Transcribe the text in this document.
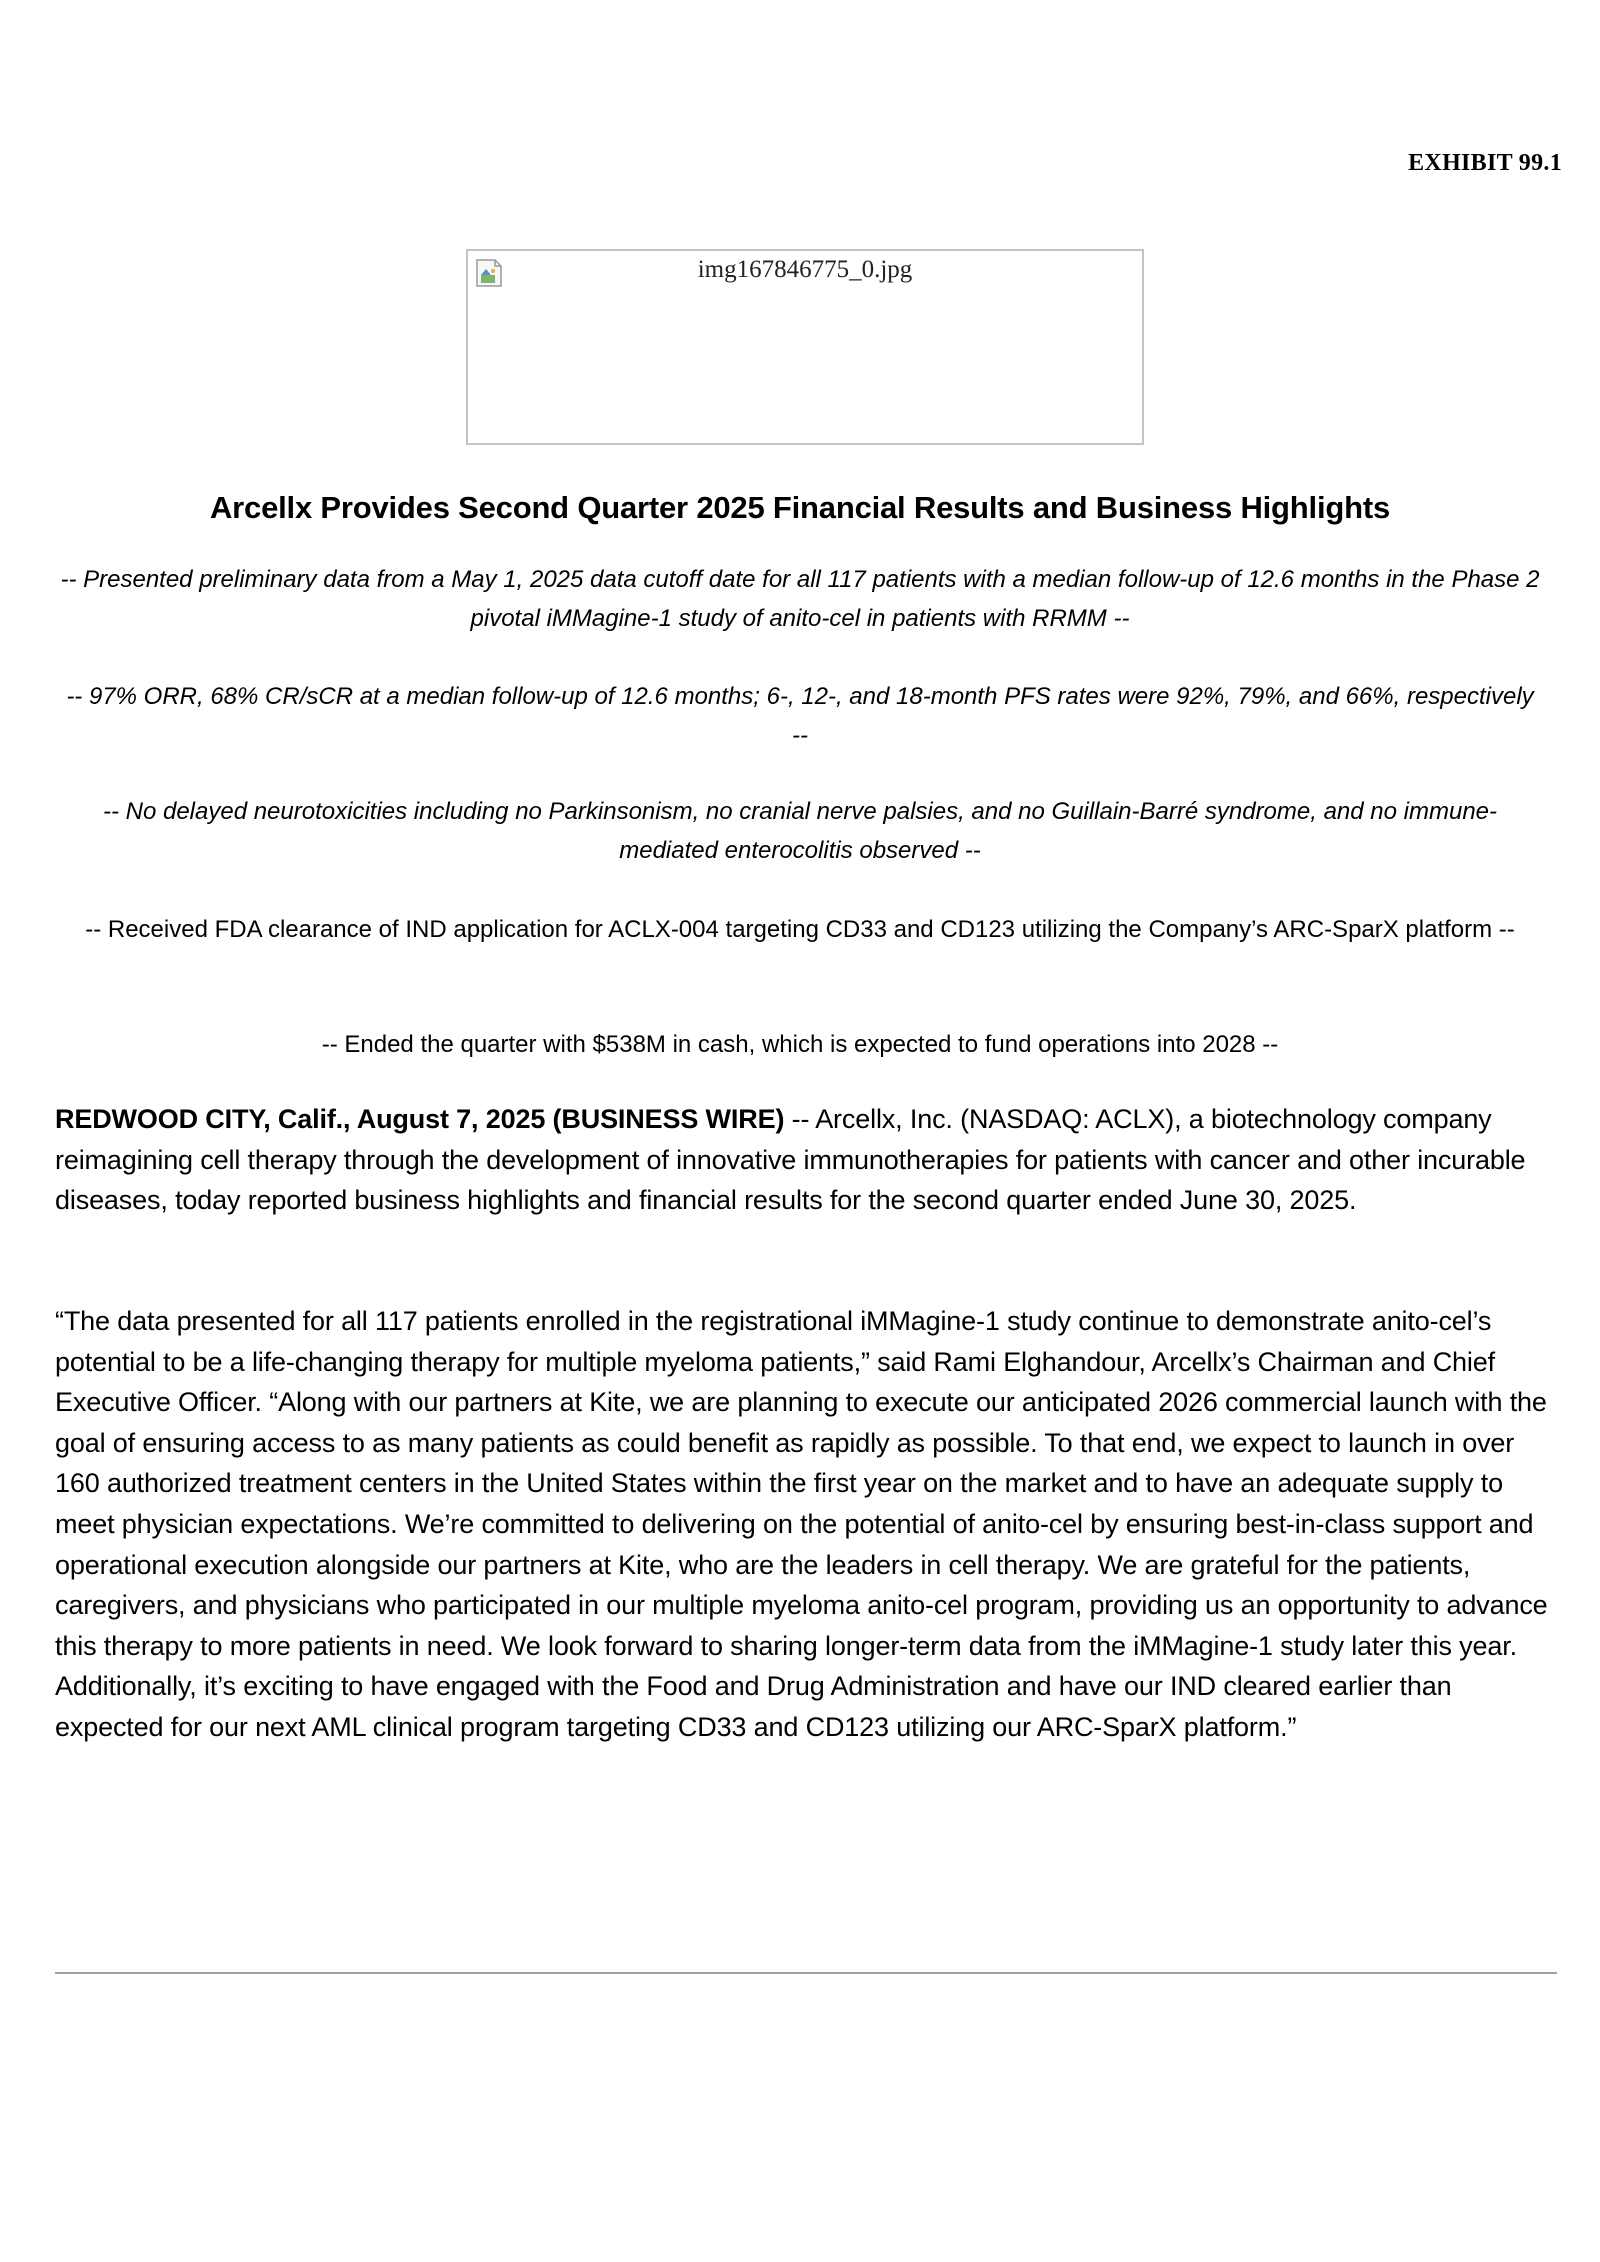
EXHIBIT 99.1
img167846775_0.jpg
Arcellx Provides Second Quarter 2025 Financial Results and Business Highlights
-- Presented preliminary data from a May 1, 2025 data cutoff date for all 117 patients with a median follow-up of 12.6 months in the Phase 2 pivotal iMMagine-1 study of anito-cel in patients with RRMM --
-- 97% ORR, 68% CR/sCR at a median follow-up of 12.6 months; 6-, 12-, and 18-month PFS rates were 92%, 79%, and 66%, respectively --
-- No delayed neurotoxicities including no Parkinsonism, no cranial nerve palsies, and no Guillain-Barré syndrome, and no immune-mediated enterocolitis observed --
-- Received FDA clearance of IND application for ACLX-004 targeting CD33 and CD123 utilizing the Company’s ARC-SparX platform --
-- Ended the quarter with $538M in cash, which is expected to fund operations into 2028 --
REDWOOD CITY, Calif., August 7, 2025 (BUSINESS WIRE) -- Arcellx, Inc. (NASDAQ: ACLX), a biotechnology company reimagining cell therapy through the development of innovative immunotherapies for patients with cancer and other incurable diseases, today reported business highlights and financial results for the second quarter ended June 30, 2025.
“The data presented for all 117 patients enrolled in the registrational iMMagine-1 study continue to demonstrate anito-cel’s potential to be a life-changing therapy for multiple myeloma patients,” said Rami Elghandour, Arcellx’s Chairman and Chief Executive Officer. “Along with our partners at Kite, we are planning to execute our anticipated 2026 commercial launch with the goal of ensuring access to as many patients as could benefit as rapidly as possible. To that end, we expect to launch in over 160 authorized treatment centers in the United States within the first year on the market and to have an adequate supply to meet physician expectations. We’re committed to delivering on the potential of anito-cel by ensuring best-in-class support and operational execution alongside our partners at Kite, who are the leaders in cell therapy. We are grateful for the patients, caregivers, and physicians who participated in our multiple myeloma anito-cel program, providing us an opportunity to advance this therapy to more patients in need. We look forward to sharing longer-term data from the iMMagine-1 study later this year. Additionally, it’s exciting to have engaged with the Food and Drug Administration and have our IND cleared earlier than expected for our next AML clinical program targeting CD33 and CD123 utilizing our ARC-SparX platform.”
